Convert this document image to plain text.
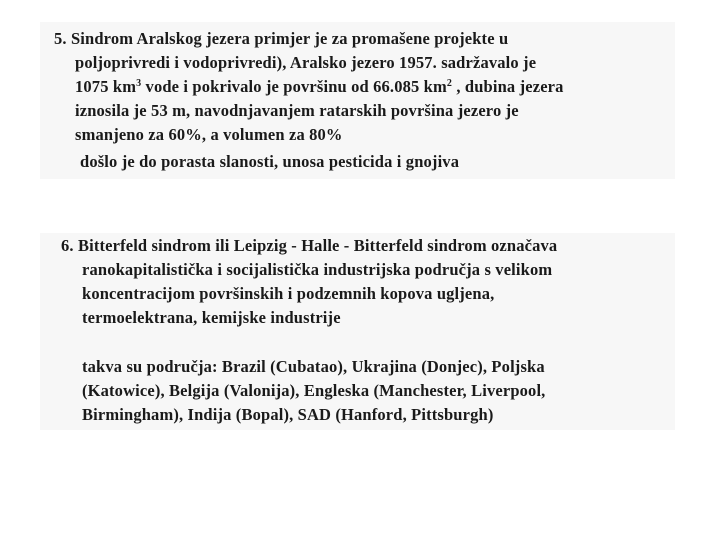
5. Sindrom Aralskog jezera primjer je za promašene projekte u
poljoprivredi i vodoprivredi), Aralsko jezero 1957. sadržavalo je
1075 $km^3$ vode i pokrivalo je površinu od 66.085 $km^2$ , dubina jezera
iznosila je 53 m, navodnjavanjem ratarskih površina jezero je
smanjeno za 60%, a volumen za 80%
došlo je do porasta slanosti, unosa pesticida i gnojiva
6. Bitterfeld sindrom ili Leipzig - Halle - Bitterfeld sindrom označava
ranokapitalistička i socijalistička industrijska područja s velikom
koncentracijom površinskih i podzemnih kopova ugljena,
termoelektrana, kemijske industrije
takva su područja: Brazil (Cubatao), Ukrajina (Donjec), Poljska
(Katowice), Belgija (Valonija), Engleska (Manchester, Liverpool,
Birmingham), Indija (Bopal), SAD (Hanford, Pittsburgh)
